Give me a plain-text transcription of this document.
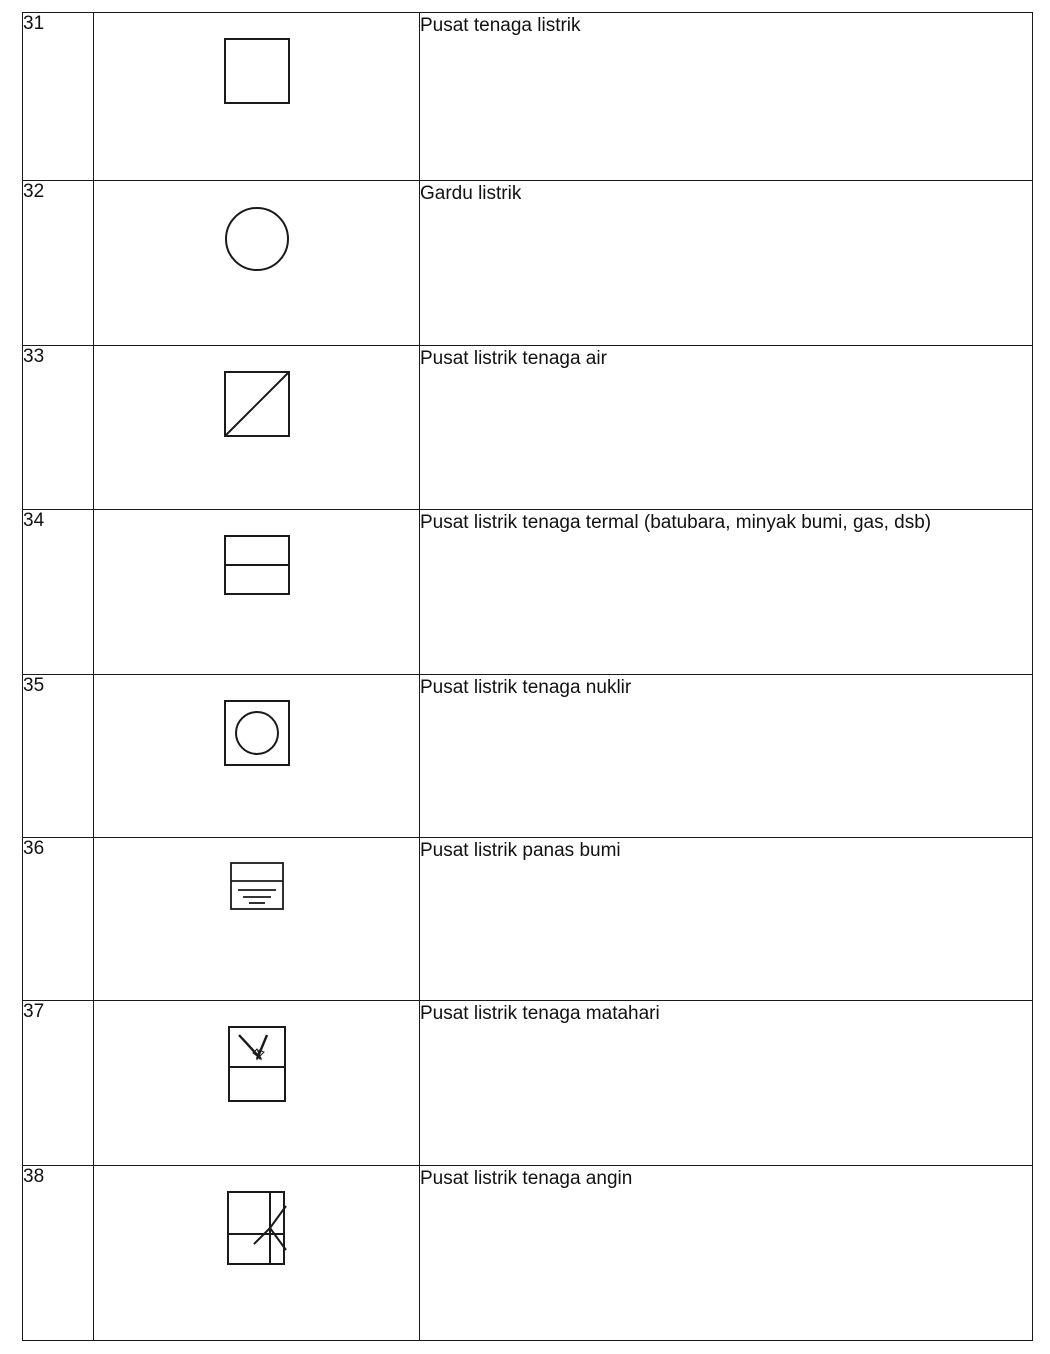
31		Pusat tenaga listrik
32		Gardu listrik
33		Pusat listrik tenaga air
34		Pusat listrik tenaga termal (batubara, minyak bumi, gas, dsb)
35		Pusat listrik tenaga nuklir
36		Pusat listrik panas bumi
37		Pusat listrik tenaga matahari
38		Pusat listrik tenaga angin
